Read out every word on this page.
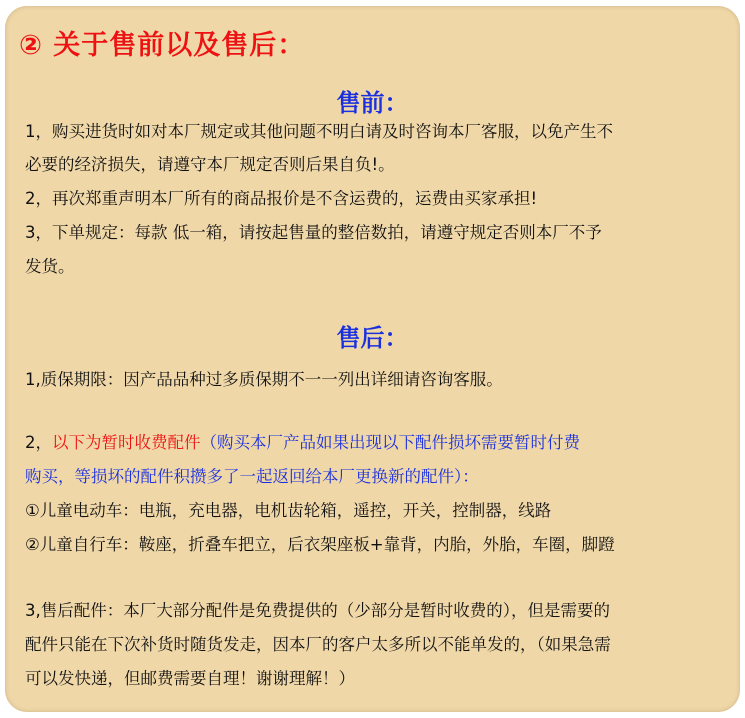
② 关于售前以及售后：
售前：
1，购买进货时如对本厂规定或其他问题不明白请及时咨询本厂客服，以免产生不
必要的经济损失，请遵守本厂规定否则后果自负!。
2，再次郑重声明本厂所有的商品报价是不含运费的，运费由买家承担!
3，下单规定：每款 低一箱，请按起售量的整倍数拍，请遵守规定否则本厂不予
发货。
售后：
1,质保期限：因产品品种过多质保期不一一列出详细请咨询客服。
2，以下为暂时收费配件（购买本厂产品如果出现以下配件损坏需要暂时付费
购买，等损坏的配件积攒多了一起返回给本厂更换新的配件）：
①儿童电动车：电瓶，充电器，电机齿轮箱，遥控，开关，控制器，线路
②儿童自行车：鞍座，折叠车把立，后衣架座板+靠背，内胎，外胎，车圈，脚蹬
3,售后配件：本厂大部分配件是免费提供的（少部分是暂时收费的），但是需要的
配件只能在下次补货时随货发走，因本厂的客户太多所以不能单发的，（如果急需
可以发快递，但邮费需要自理！谢谢理解！）
